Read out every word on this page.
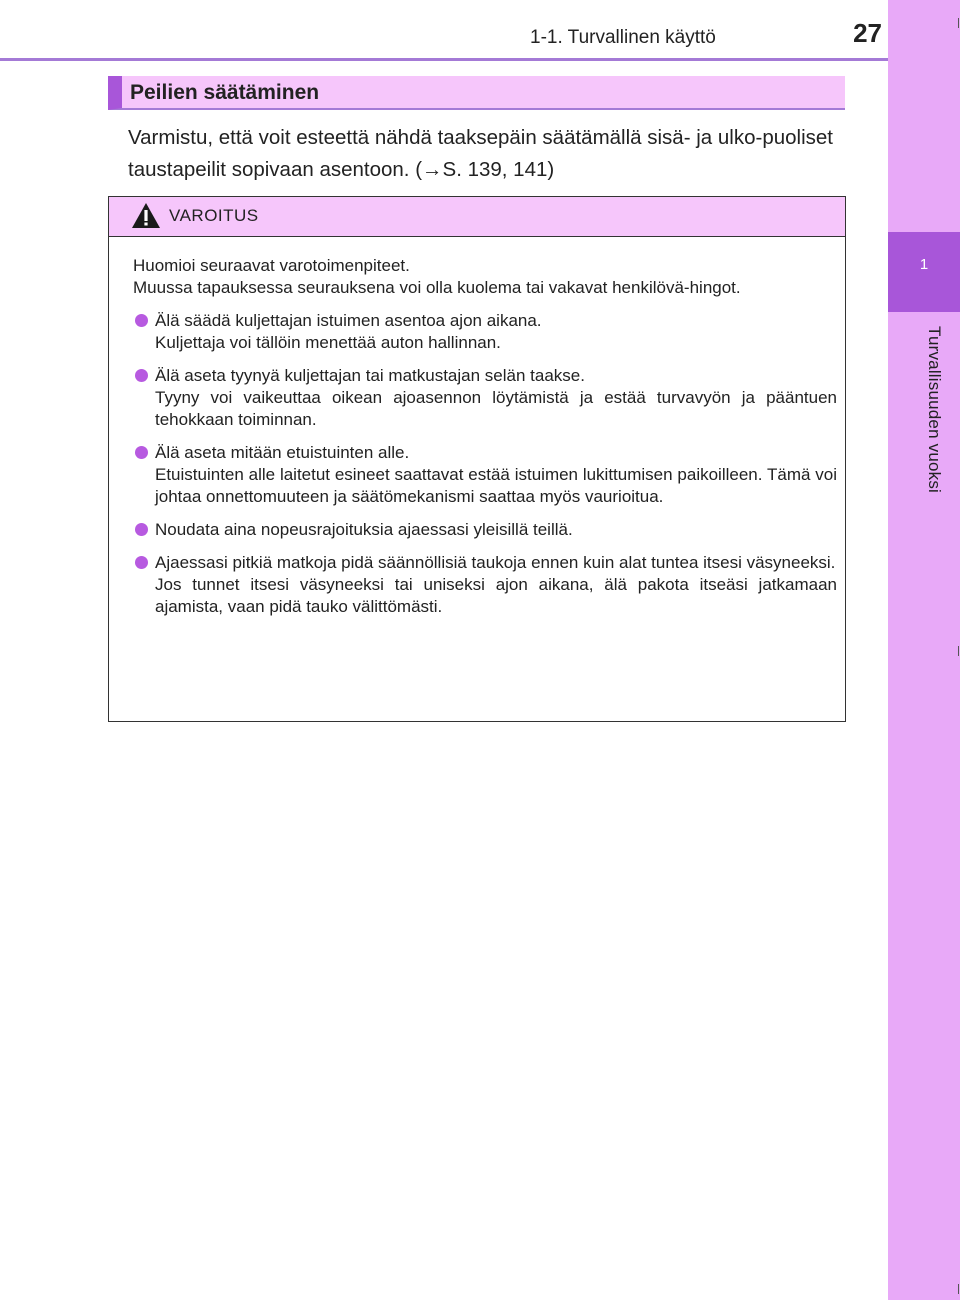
1-1. Turvallinen käyttö	27
1
Turvallisuuden vuoksi
Peilien säätäminen
Varmistu, että voit esteettä nähdä taaksepäin säätämällä sisä- ja ulko-puoliset taustapeilit sopivaan asentoon. (→S. 139, 141)
VAROITUS

Huomioi seuraavat varotoimenpiteet.

Muussa tapauksessa seurauksena voi olla kuolema tai vakavat henkilövä-hingot.

Älä säädä kuljettajan istuimen asentoa ajon aikana.
Kuljettaja voi tällöin menettää auton hallinnan.
Älä aseta tyynyä kuljettajan tai matkustajan selän taakse.
Tyyny voi vaikeuttaa oikean ajoasennon löytämistä ja estää turvavyön ja pääntuen tehokkaan toiminnan.
Älä aseta mitään etuistuinten alle.
Etuistuinten alle laitetut esineet saattavat estää istuimen lukittumisen paikoilleen. Tämä voi johtaa onnettomuuteen ja säätömekanismi saattaa myös vaurioitua.
Noudata aina nopeusrajoituksia ajaessasi yleisillä teillä.
Ajaessasi pitkiä matkoja pidä säännöllisiä taukoja ennen kuin alat tuntea itsesi väsyneeksi.
Jos tunnet itsesi väsyneeksi tai uniseksi ajon aikana, älä pakota itseäsi jatkamaan ajamista, vaan pidä tauko välittömästi.
